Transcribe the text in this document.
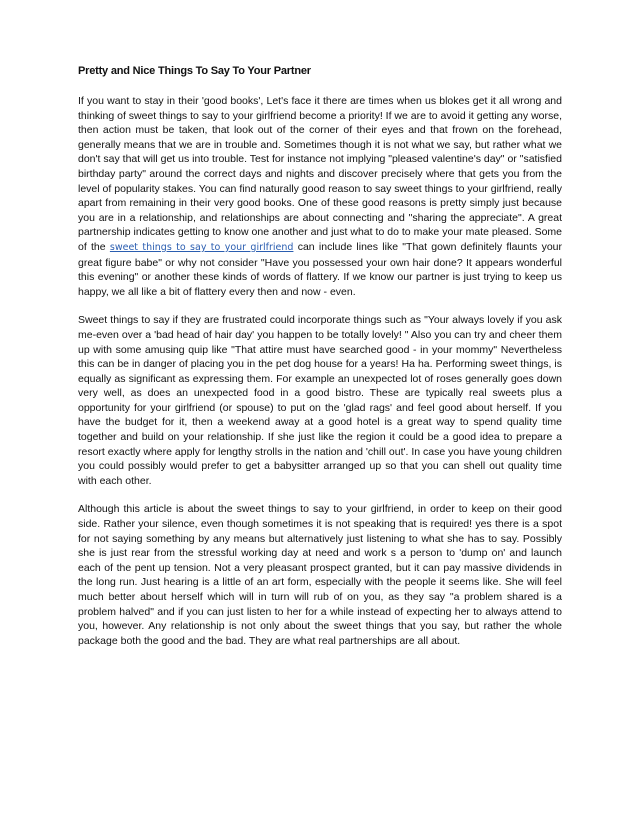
Pretty and Nice Things To Say To Your Partner

If you want to stay in their 'good books', Let's face it there are times when us blokes get it all wrong and thinking of sweet things to say to your girlfriend become a priority! If we are to avoid it getting any worse, then action must be taken, that look out of the corner of their eyes and that frown on the forehead, generally means that we are in trouble and. Sometimes though it is not what we say, but rather what we don't say that will get us into trouble. Test for instance not implying "pleased valentine's day" or "satisfied birthday party" around the correct days and nights and discover precisely where that gets you from the level of popularity stakes. You can find naturally good reason to say sweet things to your girlfriend, really apart from remaining in their very good books. One of these good reasons is pretty simply just because you are in a relationship, and relationships are about connecting and "sharing the appreciate". A great partnership indicates getting to know one another and just what to do to make your mate pleased. Some of the sweet things to say to your girlfriend can include lines like "That gown definitely flaunts your great figure babe" or why not consider "Have you possessed your own hair done? It appears wonderful this evening" or another these kinds of words of flattery. If we know our partner is just trying to keep us happy, we all like a bit of flattery every then and now - even.

Sweet things to say if they are frustrated could incorporate things such as "Your always lovely if you ask me-even over a 'bad head of hair day' you happen to be totally lovely! " Also you can try and cheer them up with some amusing quip like "That attire must have searched good - in your mommy" Nevertheless this can be in danger of placing you in the pet dog house for a years! Ha ha. Performing sweet things, is equally as significant as expressing them. For example an unexpected lot of roses generally goes down very well, as does an unexpected food in a good bistro. These are typically real sweets plus a opportunity for your girlfriend (or spouse) to put on the 'glad rags' and feel good about herself. If you have the budget for it, then a weekend away at a good hotel is a great way to spend quality time together and build on your relationship. If she just like the region it could be a good idea to prepare a resort exactly where apply for lengthy strolls in the nation and 'chill out'. In case you have young children you could possibly would prefer to get a babysitter arranged up so that you can shell out quality time with each other.

Although this article is about the sweet things to say to your girlfriend, in order to keep on their good side. Rather your silence, even though sometimes it is not speaking that is required! yes there is a spot for not saying something by any means but alternatively just listening to what she has to say. Possibly she is just rear from the stressful working day at need and work s a person to 'dump on' and launch each of the pent up tension. Not a very pleasant prospect granted, but it can pay massive dividends in the long run. Just hearing is a little of an art form, especially with the people it seems like. She will feel much better about herself which will in turn will rub of on you, as they say "a problem shared is a problem halved" and if you can just listen to her for a while instead of expecting her to always attend to you, however. Any relationship is not only about the sweet things that you say, but rather the whole package both the good and the bad. They are what real partnerships are all about.
